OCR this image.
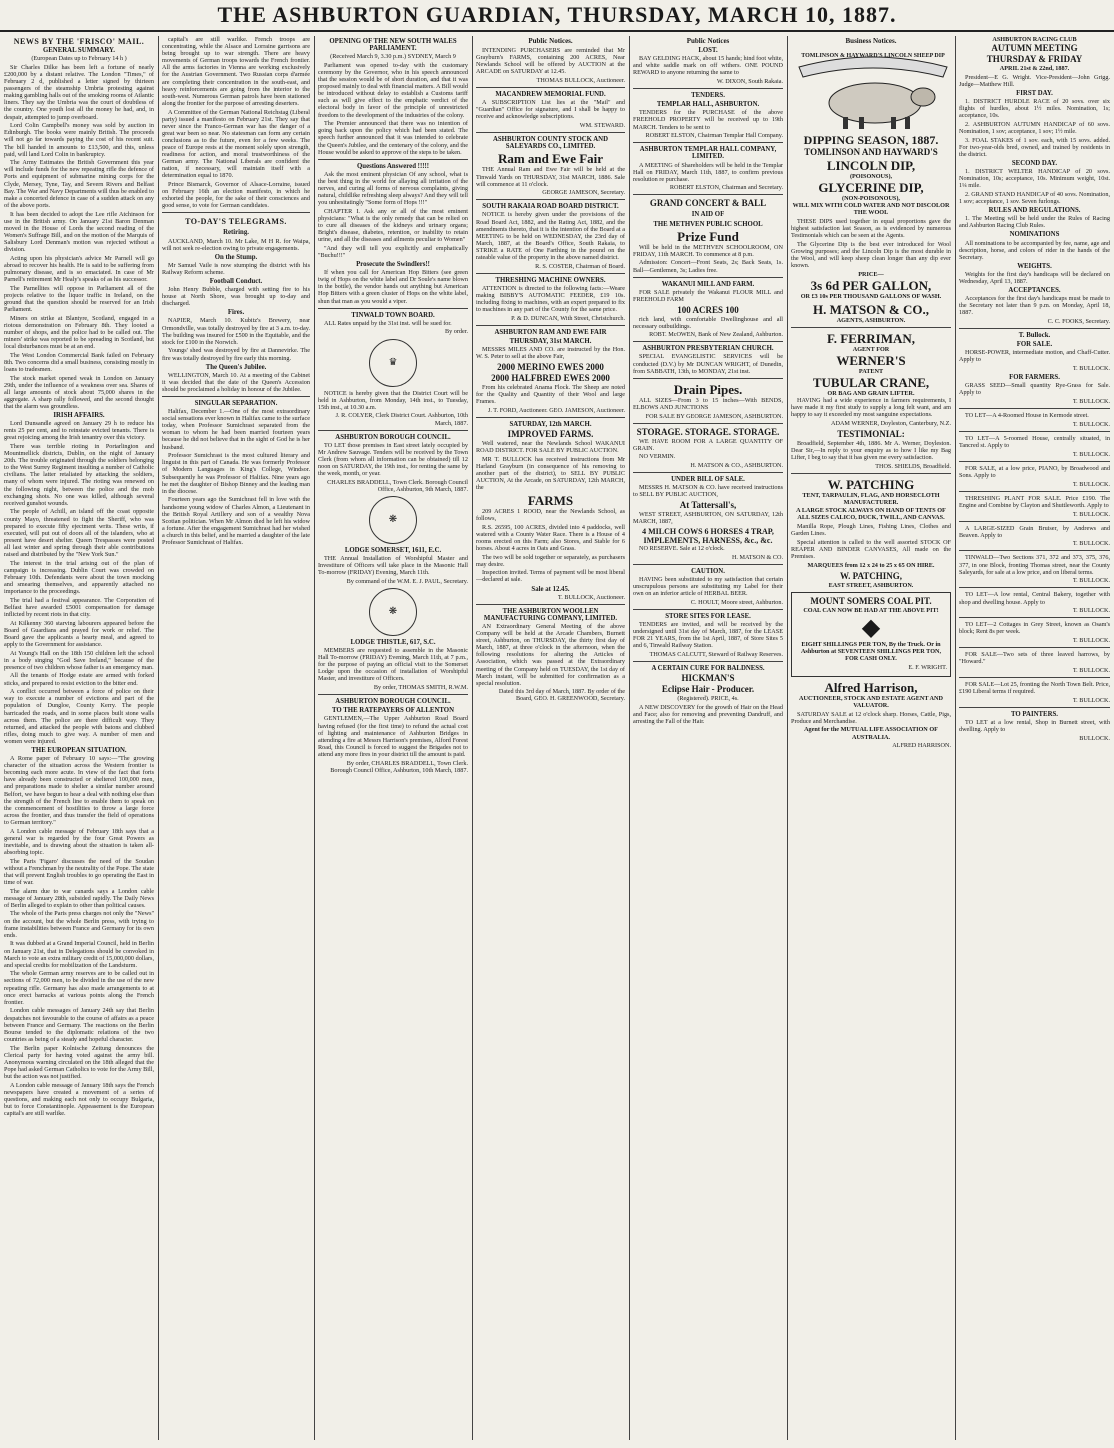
THE ASHBURTON GUARDIAN, THURSDAY, MARCH 10, 1887.
NEWS BY THE 'FRISCO' MAIL.
GENERAL SUMMARY.

(European Dates up to February 14 h )

Sir Charles Dilke has been left a fortune of nearly £200,000 by a distant relative. The London "Times," of February 2 d, published a letter signed by thirteen passengers of the steamship Umbria protesting against making gambling halls out of the smoking rooms of Atlantic liners. They say the Umbria was the court of doubtless of the country. One youth lost all the money he had, and, in despair, attempted to jump overboard.

Lord Colin Campbell's money was sold by auction in Edinburgh. The books were mainly British. The proceeds will not go far towards paying the cost of his recent suit. The bill handed in amounts to £13,500, and this, unless paid, will land Lord Colin in bankruptcy.

The Army Estimates the British Government this year will include funds for the new repeating rifle the defence of Ports and equipment of submarine mining corps for the Clyde, Mersey, Tyne, Tay, and Severn Rivers and Belfast Bay. The War and Navy Departments will thus be enabled to make a concerted defence in case of a sudden attack on any of the above ports.

It has been decided to adopt the Lee rifle Atchinson for use in the British army. On January 21st Baron Denman moved in the House of Lords the second reading of the Women's Suffrage Bill, and on the motion of the Marquis of Salisbury Lord Denman's motion was rejected without a division.

Acting upon his physician's advice Mr Parnell will go abroad to recover his health. He is said to be suffering from pulmonary disease, and is so emaciated. In case of Mr Parnell's retirement Mr Healy's speaks of as his successor.

The Parnellites will oppose in Parliament all of the projects relative to the liquor traffic in Ireland, on the ground that the question should be reserved for an Irish Parliament.

Miners on strike at Blantyre, Scotland, engaged in a riotous demonstration on February 8th. They looted a number of shops, and the police had to be called out. The miners' strike was reported to be spreading in Scotland, but local disturbances must be at an end.

The West London Commercial Bank failed on February 8th. Two concerns did a small business, consisting mostly in loans to tradesmen.

The stock market opened weak in London on January 29th, under the influence of a weakness over sea. Shares of all large amounts of stock about 75,000 shares in the aggregate. A sharp rally followed, and the second thought that the alarm was groundless.

IRISH AFFAIRS.

Lord Dunsandle agreed on January 29 h to reduce his rents 25 per cent, and to reinstate evicted tenants. There is great rejoicing among the Irish tenantry over this victory.

There was terrible rioting in Portarlington and Mountmellick districts, Dublin, on the night of January 20th. The trouble originated through the soldiers belonging to the West Surrey Regiment insulting a number of Catholic civilians. The latter retaliated by attacking the soldiers, many of whom were injured. The rioting was renewed on the following night, between the police and the mob exchanging shots. No one was killed, although several received gunshot wounds.

The people of Achill, an island off the coast opposite county Mayo, threatened to fight the Sheriff, who was prepared to execute fifty ejectment writs. These writs, if executed, will put out of doors all of the islanders, who at present have desert shelter. Queen Trespasses were posted all last winter and spring through their able contributions raised and distributed by the "New York Sun."

The interest in the trial arising out of the plan of campaign is increasing. Dublin Court was crowded on February 10th. Defendants were about the town mocking and smearing themselves, and apparently attached no importance to the proceedings.

The trial had a festival appearance. The Corporation of Belfast have awarded £5001 compensation for damage inflicted by recent riots in that city.

At Kilkenny 360 starving labourers appeared before the Board of Guardians and prayed for work or relief. The Board gave the applicants a hearty meal, and agreed to apply to the Government for assistance.

At Young's Hall on the 18th 150 children left the school in a body singing "God Save Ireland," because of the presence of two children whose father is an emergency man.

All the tenants of Hodge estate are armed with forked sticks, and prepared to resist eviction to the bitter end.

A conflict occurred between a force of police on their way to execute a number of evictions and part of the population of Dungloe, County Kerry. The people barricaded the roads, and in some places built stone walls across them. The police are there difficult way. They returned, and attacked the people with batons and clubbed rifles, doing much to give way. A number of men and women were injured.

THE EUROPEAN SITUATION.

A Rome paper of February 10 says:—"The growing character of the situation across the Western frontier is becoming each more acute. In view of the fact that forts have already been constructed or sheltered 100,000 men, and preparations made to shelter a similar number around Belfort, we have begun to hear a deal with nothing else than the strength of the French line to enable them to speak on the commencement of hostilities to throw a large force across the frontier, and thus transfer the field of operations to German territory."

A London cable message of February 18th says that a general war is regarded by the four Great Powers as inevitable, and is drawing about the situation is taken all-absorbing topic.

The Paris 'Figaro' discusses the need of the Soudan without a Frenchman by the neutrality of the Pope. The state that will prevent English troubles to go operating the East in time of war.

The alarm due to war canards says a London cable message of January 28th, subsided rapidly. The Daily News of Berlin alleged to explain to other than political causes.

The whole of the Paris press charges not only the "News" on the account, but the whole Berlin press, with trying to frame instabilities between France and Germany for its own ends.

It was dubbed at a Grand Imperial Council, held in Berlin on January 21st, that in Delegations should be convoked in March to vote an extra military credit of 15,000,000 dollars, and special credits for mobilization of the Landsturm.

The whole German army reserves are to be called out in sections of 72,000 men, to be divided in the use of the new repeating rifle. Germany has also made arrangements to at once erect barracks at various points along the French frontier.

London cable messages of January 24th say that Berlin despatches not favourable to the course of affairs as a peace between France and Germany. The reactions on the Berlin Bourse tended to the diplomatic relations of the two countries as being of a steady and hopeful character.

The Berlin paper Kolnische Zeitung denounces the Clerical party for having voted against the army bill. Anonymous warning circulated on the 18th alleged that the Pope had asked German Catholics to vote for the Army Bill, but the action was not justified.

A London cable message of January 18th says the French newspapers have created a movement of a series of questions, and making each not only to occupy Bulgaria, but to force Constantinople. Appeasement is the European capital's are still warlike.

capital's are still warlike. French troops are concentrating, while the Alsace and Lorraine garrisons are being brought up to war strength. There are heavy movements of German troops towards the French frontier. All the arms factories in Vienna are working exclusively for the Austrian Government. Two Russian corps d'armée are completing their concentration in the south-east, and heavy reinforcements are going from the interior to the south-west. Numerous German patrols have been stationed along the frontier for the purpose of arresting deserters.

A Committee of the German National Reichstag (Liberal party) issued a manifesto on February 21st. They say that never since the Franco-German war has the danger of a great war been so near. No statesman can form any certain conclusions as to the future, even for a few weeks. The peace of Europe rests at the moment solely upon strength, readiness for action, and moral trustworthiness of the German army. The National Liberals are confident the nation, if necessary, will maintain itself with a determination equal to 1870.

Prince Bismarck, Governor of Alsace-Lorraine, issued on February 16th an election manifesto, in which he exhorted the people, for the sake of their consciences and good sense, to vote for German candidates.

TO-DAY'S TELEGRAMS.
Retiring.

AUCKLAND, March 10. Mr Lake, M H R. for Waipa, will not seek re-election owing to private engagements.

On the Stump.

Mr Samuel Vaile is now stumping the district with his Railway Reform scheme.

Football Conduct.

John Henry Bubble, charged with setting fire to his house at North Shore, was brought up to-day and discharged.

Fires.

NAPIER, March 10. Kubitz's Brewery, near Ormondville, was totally destroyed by fire at 3 a.m. to-day. The building was insured for £500 in the Equitable, and the stock for £100 in the Norwich.

Youngs' shed was destroyed by fire at Dannevirke. The fire was totally destroyed by fire early this morning.

The Queen's Jubilee.

WELLINGTON, March 10. At a meeting of the Cabinet it was decided that the date of the Queen's Accession should be proclaimed a holiday in honour of the Jubilee.

SINGULAR SEPARATION.

Halifax, December 1.—One of the most extraordinary social sensations ever known in Halifax came to the surface today, when Professor Sumichrast separated from the woman to whom he had been married fourteen years because he did not believe that in the sight of God he is her husband.

Professor Sumichrast is the most cultured literary and linguist in this part of Canada. He was formerly Professor of Modern Languages in King's College, Windsor. Subsequently he was Professor of Halifax. Nine years ago he met the daughter of Bishop Binney and the leading man in the diocese.

Fourteen years ago the Sumichrast fell in love with the handsome young widow of Charles Almon, a Lieutenant in the British Royal Artillery and son of a wealthy Nova Scotian politician. When Mr Almon died he left his widow a fortune. After the engagement Sumichrast had her wished a church in this belief, and he married a daughter of the late Professor Sumichrast of Halifax.

OPENING OF THE NEW SOUTH WALES PARLIAMENT.

(Received March 9, 3.30 p.m.) SYDNEY, March 9

Parliament was opened to-day with the customary ceremony by the Governor, who in his speech announced that the session would be of short duration, and that it was proposed mainly to deal with financial matters. A Bill would be introduced without delay to establish a Customs tariff such as will give effect to the emphatic verdict of the electoral body in favor of the principle of unrestricted freedom to the development of the industries of the colony.

The Premier announced that there was no intention of going back upon the policy which had been stated. The speech further announced that it was intended to celebrate the Queen's Jubilee, and the centenary of the colony, and the House would be asked to approve of the steps to be taken.

Questions Answered !!!!!

Ask the most eminent physician Of any school, what is the best thing in the world for allaying all irritation of the nerves, and curing all forms of nervous complaints, giving natural, childlike refreshing sleep always? And they will tell you unhesitatingly "Some form of Hops !!!"

CHAPTER I. Ask any or all of the most eminent physicians: "What is the only remedy that can be relied on to cure all diseases of the kidneys and urinary organs; Bright's disease, diabetes, retention, or inability to retain urine, and all the diseases and ailments peculiar to Women"

"And they will tell you explicitly and emphatically "Buchu!!!"

Prosecute the Swindlers!!

If when you call for American Hop Bitters (see green twig of Hops on the white label and Dr Soule's name blown in the bottle), the vendor hands out anything but American Hop Bitters with a green cluster of Hops on the white label, shun that man as you would a viper.

TINWALD TOWN BOARD.

ALL Rates unpaid by the 31st inst. will be sued for.

By order.

♛

NOTICE is hereby given that the District Court will be held in Ashburton, from Monday, 14th inst., to Tuesday, 15th inst., at 10.30 a.m.

J. R. COLYER, Clerk District Court. Ashburton, 10th March, 1887.

ASHBURTON BOROUGH COUNCIL.

TO LET those premises in East street lately occupied by Mr Andrew Sauvage. Tenders will be received by the Town Clerk (from whom all information can be obtained) till 12 noon on SATURDAY, the 19th inst., for renting the same by the week, month, or year.

CHARLES BRADDELL, Town Clerk. Borough Council Office, Ashburton, 9th March, 1887.

❋
LODGE SOMERSET, 1611, E.C.

THE Annual Installation of Worshipful Master and Investiture of Officers will take place in the Masonic Hall To-morrow (FRIDAY) Evening, March 11th.

By command of the W.M. E. J. PAUL, Secretary.

❋
LODGE THISTLE, 617, S.C.

MEMBERS are requested to assemble in the Masonic Hall To-morrow (FRIDAY) Evening, March 11th, at 7 p.m., for the purpose of paying an official visit to the Somerset Lodge upon the occasion of installation of Worshipful Master, and investiture of Officers.

By order, THOMAS SMITH, R.W.M.

ASHBURTON BOROUGH COUNCIL.
TO THE RATEPAYERS OF ALLENTON

GENTLEMEN,—The Upper Ashburton Road Board having refused (for the first time) to refund the actual cost of lighting and maintenance of Ashburton Bridges in attending a fire at Messrs Harrison's premises, Alford Forest Road, this Council is forced to suggest the Brigades not to attend any more fires in your district till the amount is paid.

By order, CHARLES BRADDELL, Town Clerk. Borough Council Office, Ashburton, 10th March, 1887.

Public Notices.

INTENDING PURCHASERS are reminded that Mr Grayburn's FARMS, containing 200 ACRES, Near Newlands School will be offered by AUCTION at the ARCADE on SATURDAY at 12.45.

THOMAS BULLOCK, Auctioneer.

MACANDREW MEMORIAL FUND.

A SUBSCRIPTION List lies at the "Mail" and "Guardian" Office for signature, and I shall be happy to receive and acknowledge subscriptions.

WM. STEWARD.

ASHBURTON COUNTY STOCK AND SALEYARDS CO., LIMITED.
Ram and Ewe Fair

THE Annual Ram and Ewe Fair will be held at the Tinwald Yards on THURSDAY, 31st MARCH, 1886. Sale will commence at 11 o'clock.

GEORGE JAMESON, Secretary.

SOUTH RAKAIA ROAD BOARD DISTRICT.

NOTICE is hereby given under the provisions of the Road Board Act, 1882, and the Rating Act, 1882, and the amendments thereto, that it is the intention of the Board at a MEETING to be held on WEDNESDAY, the 23rd day of March, 1887, at the Board's Office, South Rakaia, to STRIKE a RATE of One Farthing in the pound on the rateable value of the property in the above named district.

R. S. COSTER, Chairman of Board.

THRESHING MACHINE OWNERS.

ATTENTION is directed to the following facts:—Weare making BIBBY'S AUTOMATIC FEEDER, £19 10s. including fixing to machines, with an expert prepared to fix to machines in any part of the County for the same price.

P. & D. DUNCAN, With Street, Christchurch.

ASHBURTON RAM AND EWE FAIR
THURSDAY, 31st MARCH.

MESSRS MILES AND CO. are instructed by the Hon. W. S. Peter to sell at the above Fair,

2000 MERINO EWES 2000
2000 HALFBRED EWES 2000

From his celebrated Anama Flock. The Sheep are noted for the Quality and Quantity of their Wool and large Frames.

J. T. FORD, Auctioneer. GEO. JAMESON, Auctioneer.

SATURDAY, 12th MARCH.
IMPROVED FARMS.

Well watered, near the Newlands School WAKANUI ROAD DISTRICT. FOR SALE BY PUBLIC AUCTION.

MR T. BULLOCK has received instructions from Mr Harland Grayburn (in consequence of his removing to another part of the district), to SELL BY PUBLIC AUCTION, At the Arcade, on SATURDAY, 12th MARCH, the

FARMS

209 ACRES 1 ROOD, near the Newlands School, as follows,

R.S. 26595, 100 ACRES, divided into 4 paddocks, well watered with a County Water Race. There is a House of 4 rooms erected on this Farm; also Stores, and Stable for 6 horses. About 4 acres in Oats and Grass.

The two will be sold together or separately, as purchasers may desire.

Inspection invited. Terms of payment will be most liberal—declared at sale.

Sale at 12.45.

T. BULLOCK, Auctioneer.

THE ASHBURTON WOOLLEN MANUFACTURING COMPANY, LIMITED.

AN Extraordinary General Meeting of the above Company will be held at the Arcade Chambers, Burnett street, Ashburton, on THURSDAY, the thirty first day of March, 1887, at three o'clock in the afternoon, when the following resolutions for altering the Articles of Association, which was passed at the Extraordinary meeting of the Company held on TUESDAY, the 1st day of March instant, will be submitted for confirmation as a special resolution.

Dated this 3rd day of March, 1887. By order of the Board, GEO. H. GREENWOOD, Secretary.

Public Notices
LOST.

BAY GELDING HACK, about 15 hands; hind foot white, and white saddle mark on off withers. ONE POUND REWARD to anyone returning the same to

W. DIXON, South Rakaia.

TENDERS.
TEMPLAR HALL, ASHBURTON.

TENDERS for the PURCHASE of the above FREEHOLD PROPERTY will be received up to 19th MARCH. Tenders to be sent to

ROBERT ELSTON, Chairman Templar Hall Company.

ASHBURTON TEMPLAR HALL COMPANY, LIMITED.

A MEETING of Shareholders will be held in the Templar Hall on FRIDAY, March 11th, 1887, to confirm previous resolution re purchase.

ROBERT ELSTON, Chairman and Secretary.

GRAND CONCERT & BALL
IN AID OF
THE METHVEN PUBLIC SCHOOL
Prize Fund

Will be held in the METHVEN SCHOOLROOM, ON FRIDAY, 11th MARCH. To commence at 8 p.m.

Admission: Concert—Front Seats, 2s; Back Seats, 1s. Ball—Gentlemen, 3s; Ladies free.

WAKANUI MILL AND FARM.

FOR SALE privately the Wakanui FLOUR MILL and FREEHOLD FARM

100 ACRES 100

rich land, with comfortable Dwellinghouse and all necessary outbuildings.

ROBT. McOWEN, Bank of New Zealand, Ashburton.

ASHBURTON PRESBYTERIAN CHURCH.

SPECIAL EVANGELISTIC SERVICES will be conducted (D.V.) by Mr DUNCAN WRIGHT, of Dunedin, from SABBATH, 13th, to MONDAY, 21st inst.

Drain Pipes.

ALL SIZES—From 3 to 15 inches—With BENDS, ELBOWS AND JUNCTIONS

FOR SALE BY GEORGE JAMESON, ASHBURTON.

STORAGE. STORAGE. STORAGE.

WE HAVE ROOM FOR A LARGE QUANTITY OF GRAIN.

NO VERMIN.

H. MATSON & CO., ASHBURTON.

UNDER BILL OF SALE.

MESSRS H. MATSON & CO. have received instructions to SELL BY PUBLIC AUCTION,

At Tattersall's,

WEST STREET, ASHBURTON, ON SATURDAY, 12th MARCH, 1887,

4 MILCH COWS 6 HORSES 4 TRAP, IMPLEMENTS, HARNESS, &c., &c.

NO RESERVE. Sale at 12 o'clock.

H. MATSON & CO.

CAUTION.

HAVING been substituted to my satisfaction that certain unscrupulous persons are substituting my Label for their own on an inferior article of HERBAL BEER.

C. HOULT, Moore street, Ashburton.

STORE SITES FOR LEASE.

TENDERS are invited, and will be received by the undersigned until 31st day of March, 1887, for the LEASE FOR 21 YEARS, from the 1st April, 1887, of Store Sites 5 and 6, Tinwald Railway Station.

THOMAS CALCUTT, Steward of Railway Reserves.

A CERTAIN CURE FOR BALDNESS.
HICKMAN'S
Eclipse Hair - Producer.

(Registered). PRICE, 4s.

A NEW DISCOVERY for the growth of Hair on the Head and Face; also for removing and preventing Dandruff, and arresting the Fall of the Hair.

Business Notices.
TOMLINSON & HAYWARD'S LINCOLN SHEEP DIP
DIPPING SEASON, 1887.
TOMLINSON AND HAYWARD'S
LINCOLN DIP,
(POISONOUS),
GLYCERINE DIP,
(NON-POISONOUS),

WILL MIX WITH COLD WATER AND NOT DISCOLOR THE WOOL

THESE DIPS used together in equal proportions gave the highest satisfaction last Season, as is evidenced by numerous Testimonials which can be seen at the Agents.

The Glycerine Dip is the best ever introduced for Wool Growing purposes; and the Lincoln Dip is the most durable in the Wool, and will keep sheep clean longer than any dip ever known.

PRICE—
3s 6d PER GALLON,

OR £3 10s PER THOUSAND GALLONS OF WASH.

H. MATSON & CO.,

AGENTS, ASHBURTON.

F. FERRIMAN,
AGENT FOR
WERNER'S
PATENT
TUBULAR CRANE,
OR BAG AND GRAIN LIFTER.

HAVING had a wide experience in farmers requirements, I have made it my first study to supply a long felt want, and am happy to say it exceeded my most sanguine expectations.

ADAM WERNER, Doyleston, Canterbury, N.Z.

TESTIMONIAL:

Broadfield, September 4th, 1886. Mr A. Werner, Doyleston. Dear Sir,—In reply to your enquiry as to how I like my Bag Lifter, I beg to say that it has given me every satisfaction.

THOS. SHIELDS, Broadfield.

W. PATCHING

TENT, TARPAULIN, FLAG, AND HORSECLOTH MANUFACTURER.

A LARGE STOCK ALWAYS ON HAND OF TENTS OF ALL SIZES CALICO, DUCK, TWILL, AND CANVAS.

Manilla Rope, Plough Lines, Fishing Lines, Clothes and Garden Lines.

Special attention is called to the well assorted STOCK OF REAPER AND BINDER CANVASES, All made on the Premises.

MARQUEES from 12 x 24 to 25 x 65 ON HIRE.

W. PATCHING,

EAST STREET, ASHBURTON.

MOUNT SOMERS COAL PIT.

COAL CAN NOW BE HAD AT THE ABOVE PIT!

◆

EIGHT SHILLINGS PER TON, By the Truck. Or in Ashburton at SEVENTEEN SHILLINGS PER TON, FOR CASH ONLY.

E. F. WRIGHT.

Alfred Harrison,

AUCTIONEER, STOCK AND ESTATE AGENT AND VALUATOR.

SATURDAY SALE at 12 o'clock sharp. Horses, Cattle, Pigs, Produce and Merchandise.

Agent for the MUTUAL LIFE ASSOCIATION OF AUSTRALIA.

ALFRED HARRISON.

ASHBURTON RACING CLUB
AUTUMN MEETING
THURSDAY & FRIDAY

APRIL 21st & 22nd, 1887.

President—E G. Wright. Vice-President—John Grigg. Judge—Matthew Hill.

FIRST DAY.

1. DISTRICT HURDLE RACE of 20 sovs. over six flights of hurdles, about 1½ miles. Nomination, 1s; acceptance, 10s.

2. ASHBURTON AUTUMN HANDICAP of 60 sovs. Nomination, 1 sov; acceptance, 1 sov; 1½ mile.

3. FOAL STAKES of 1 sov. each, with 15 sovs. added. For two-year-olds bred, owned, and trained by residents in the district.

SECOND DAY.

1. DISTRICT WELTER HANDICAP of 20 sovs. Nomination, 10s; acceptance, 10s. Minimum weight, 10st. 1¼ mile.

2. GRAND STAND HANDICAP of 40 sovs. Nomination, 1 sov; acceptance, 1 sov. Seven furlongs.

RULES AND REGULATIONS.

1. The Meeting will be held under the Rules of Racing and Ashburton Racing Club Rules.

NOMINATIONS

All nominations to be accompanied by fee, name, age and description, horse, and colors of rider in the hands of the Secretary.

WEIGHTS.

Weights for the first day's handicaps will be declared on Wednesday, April 13, 1887.

ACCEPTANCES.

Acceptances for the first day's handicaps must be made to the Secretary not later than 9 p.m. on Monday, April 18, 1887.

C. C. FOOKS, Secretary.

T. Bullock.
FOR SALE.

HORSE-POWER, intermediate motion, and Chaff-Cutter. Apply to

T. BULLOCK.

FOR FARMERS.

GRASS SEED—Small quantity Rye-Grass for Sale. Apply to

T. BULLOCK.

TO LET—A 4-Roomed House in Kermode street.

T. BULLOCK.

TO LET—A 5-roomed House, centrally situated, in Tancred st. Apply to

T. BULLOCK.

FOR SALE, at a low price, PIANO, by Broadwood and Sons. Apply to

T. BULLOCK.

THRESHING PLANT FOR SALE. Price £190. The Engine and Combine by Clayton and Shuttleworth. Apply to

T. BULLOCK.

A LARGE-SIZED Grain Bruiser, by Andrews and Beaven. Apply to

T. BULLOCK.

TINWALD—Two Sections 371, 372 and 373, 375, 376, 377, in one Block, fronting Thomas street, near the County Saleyards, for sale at a low price, and on liberal terms.

T. BULLOCK.

TO LET—A low rental, Central Bakery, together with shop and dwelling house. Apply to

T. BULLOCK.

TO LET—2 Cottages in Grey Street, known as Osam's block; Rent 8s per week.

T. BULLOCK.

FOR SALE—Two sets of three leaved harrows, by "Howard."

T. BULLOCK.

FOR SALE—Lot 25, fronting the North Town Belt. Price, £190 Liberal terms if required.

T. BULLOCK.

TO PAINTERS.

TO LET at a low rental, Shop in Burnett street, with dwelling. Apply to

BULLOCK.
